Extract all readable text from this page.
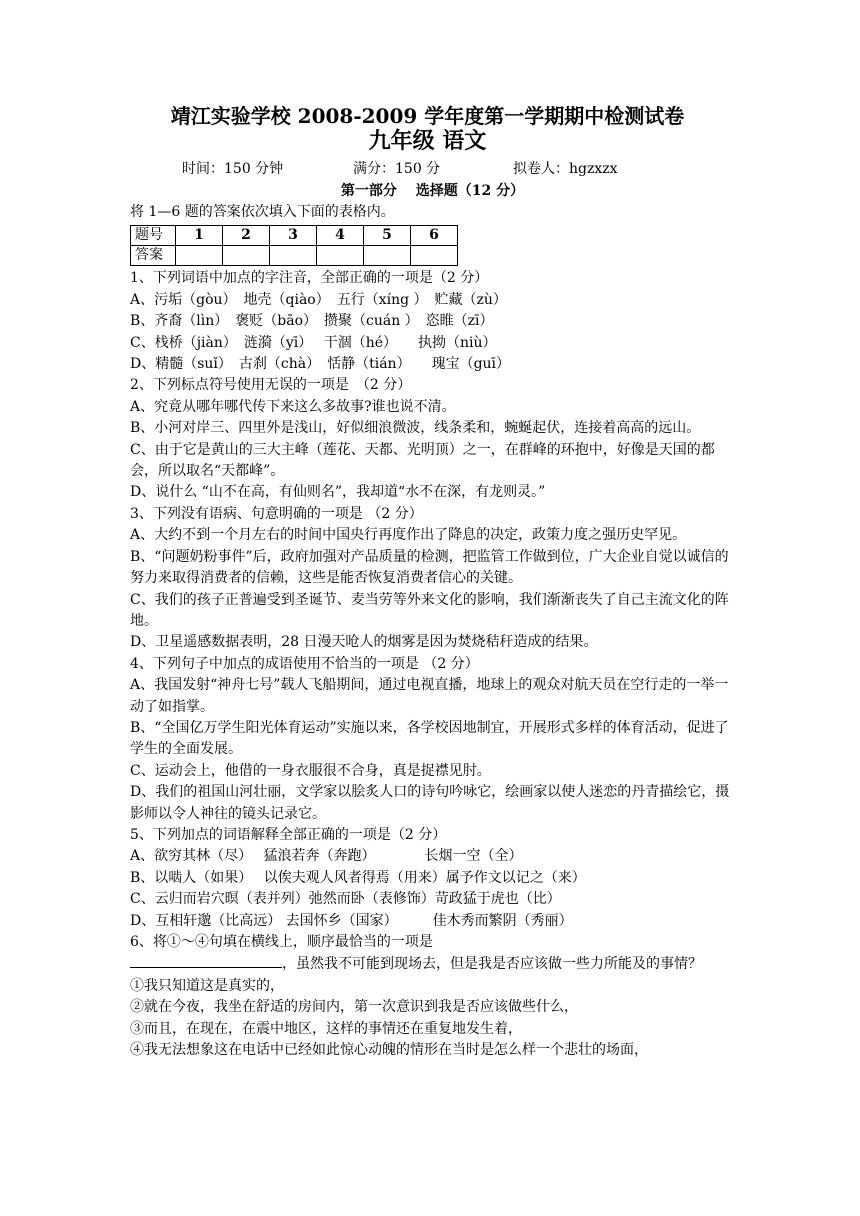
靖江实验学校 2008-2009 学年度第一学期期中检测试卷
九年级 语文
时间：150 分钟	满分：150 分	拟卷人：hgzxzx
第一部分　 选择题（12 分）
将 1—6 题的答案依次填入下面的表格内。
题号	1	2	3	4	5	6
答案						
1、下列词语中加点的字注音，全部正确的一项是（2 分）
A、污垢（gòu）　地壳（qiào）　五行（xíng ）　贮藏（zù）
B、齐裔（lìn）　褒贬（bāo）　攒聚（cuán ）　恣睢（zī）
C、栈桥（jiàn）　涟漪（yī）　 干涸（hé）　　执拗（niù）
D、精髓（suǐ）　古刹（chà）　恬静（tián）　　瑰宝（guī）
2、下列标点符号使用无误的一项是　（2 分）
A、究竟从哪年哪代传下来这么多故事?谁也说不清。
B、小河对岸三、四里外是浅山，好似细浪微波，线条柔和，蜿蜒起伏，连接着高高的远山。
C、由于它是黄山的三大主峰（莲花、天都、光明顶）之一，在群峰的环抱中，好像是天国的都会，所以取名“天都峰”。
D、说什么 “山不在高，有仙则名”，我却道“水不在深，有龙则灵。”
3、下列没有语病、句意明确的一项是 （2 分）
A、大约不到一个月左右的时间中国央行再度作出了降息的决定，政策力度之强历史罕见。
B、“问题奶粉事件”后，政府加强对产品质量的检测，把监管工作做到位，广大企业自觉以诚信的努力来取得消费者的信赖，这些是能否恢复消费者信心的关键。
C、我们的孩子正普遍受到圣诞节、麦当劳等外来文化的影响，我们渐渐丧失了自己主流文化的阵地。
D、卫星遥感数据表明，28 日漫天呛人的烟雾是因为焚烧秸秆造成的结果。
4、下列句子中加点的成语使用不恰当的一项是 （2 分）
A、我国发射“神舟七号”载人飞船期间，通过电视直播，地球上的观众对航天员在空行走的一举一动了如指掌。
B、“全国亿万学生阳光体育运动”实施以来，各学校因地制宜，开展形式多样的体育活动，促进了学生的全面发展。
C、运动会上，他借的一身衣服很不合身，真是捉襟见肘。
D、我们的祖国山河壮丽，文学家以脍炙人口的诗句吟咏它，绘画家以使人迷恋的丹青描绘它，摄影师以令人神往的镜头记录它。
5、下列加点的词语解释全部正确的一项是（2 分）
A、欲穷其林（尽）　 猛浪若奔（奔跑）　　　　长烟一空（全）
B、以啮人（如果）　 以俟夫观人风者得焉（用来）属予作文以记之（来）
C、云归而岩穴暝（表并列）弛然而卧（表修饰）苛政猛于虎也（比）
D、互相轩邈（比高远） 去国怀乡（国家）　　　佳木秀而繁阴（秀丽）
6、将①～④句填在横线上，顺序最恰当的一项是
，虽然我不可能到现场去，但是我是否应该做一些力所能及的事情？
①我只知道这是真实的，
②就在今夜，我坐在舒适的房间内，第一次意识到我是否应该做些什么，
③而且，在现在，在震中地区，这样的事情还在重复地发生着，
④我无法想象这在电话中已经如此惊心动魄的情形在当时是怎么样一个悲壮的场面，
